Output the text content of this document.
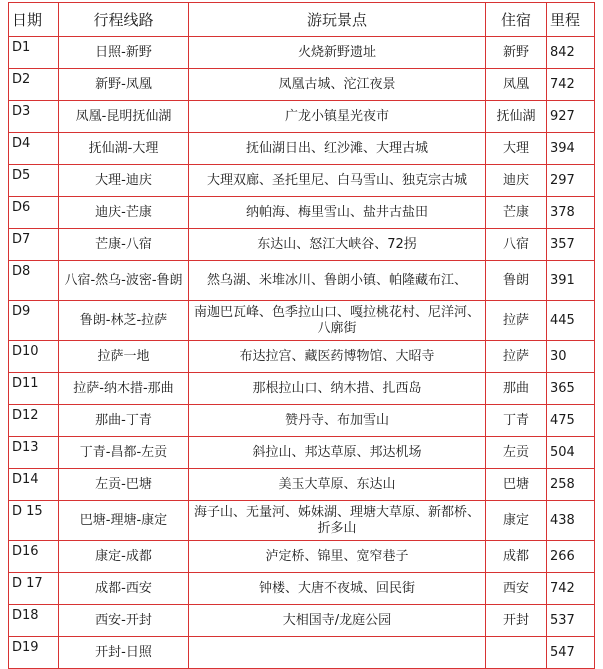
日期	行程线路	游玩景点	住宿	里程
D1	日照-新野	火烧新野遗址	新野	842
D2	新野-凤凰	凤凰古城、沱江夜景	凤凰	742
D3	凤凰-昆明抚仙湖	广龙小镇星光夜市	抚仙湖	927
D4	抚仙湖-大理	抚仙湖日出、红沙滩、大理古城	大理	394
D5	大理-迪庆	大理双廊、圣托里尼、白马雪山、独克宗古城	迪庆	297
D6	迪庆-芒康	纳帕海、梅里雪山、盐井古盐田	芒康	378
D7	芒康-八宿	东达山、怒江大峡谷、72拐	八宿	357
D8	八宿-然乌-波密-鲁朗	然乌湖、米堆冰川、鲁朗小镇、帕隆藏布江、	鲁朗	391
D9	鲁朗-林芝-拉萨	南迦巴瓦峰、色季拉山口、嘎拉桃花村、尼洋河、八廓街	拉萨	445
D10	拉萨一地	布达拉宫、藏医药博物馆、大昭寺	拉萨	30
D11	拉萨-纳木措-那曲	那根拉山口、纳木措、扎西岛	那曲	365
D12	那曲-丁青	赞丹寺、布加雪山	丁青	475
D13	丁青-昌都-左贡	斜拉山、邦达草原、邦达机场	左贡	504
D14	左贡-巴塘	美玉大草原、东达山	巴塘	258
D 15	巴塘-理塘-康定	海子山、无量河、姊妹湖、理塘大草原、新都桥、折多山	康定	438
D16	康定-成都	泸定桥、锦里、宽窄巷子	成都	266
D 17	成都-西安	钟楼、大唐不夜城、回民街	西安	742
D18	西安-开封	大相国寺/龙庭公园	开封	537
D19	开封-日照			547
